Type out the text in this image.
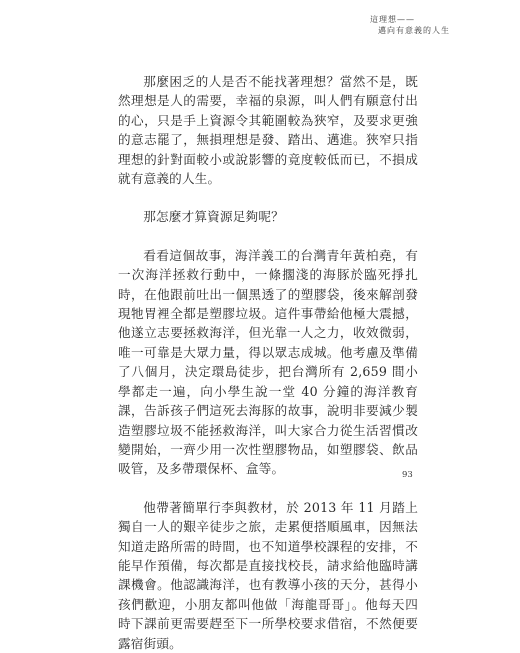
這理想——
邁向有意義的人生

那麼困乏的人是否不能找著理想？當然不是，既然理想是人的需要，幸福的泉源，叫人們有願意付出的心，只是手上資源令其範圍較為狹窄，及要求更強的意志罷了，無損理想是發、踏出、邁進。狹窄只指理想的針對面較小或說影響的竟度較低而已，不損成就有意義的人生。

那怎麼才算資源足夠呢？

看看這個故事，海洋義工的台灣青年黃柏堯，有一次海洋拯救行動中，一條擱淺的海豚於臨死掙扎時，在他跟前吐出一個黑透了的塑膠袋，後來解剖發現牠胃裡全都是塑膠垃圾。這件事帶給他極大震撼，他遂立志要拯救海洋，但光靠一人之力，收效微弱，唯一可靠是大眾力量，得以眾志成城。他考慮及準備了八個月，決定環島徒步，把台灣所有 2,659 間小學都走一遍，向小學生說一堂 40 分鐘的海洋教育課，告訴孩子們這死去海豚的故事，說明非要減少製造塑膠垃圾不能拯救海洋，叫大家合力從生活習慣改變開始，一齊少用一次性塑膠物品，如塑膠袋、飲品吸管，及多帶環保杯、盒等。

他帶著簡單行李與教材，於 2013 年 11 月踏上獨自一人的艱辛徒步之旅，走累便搭順風車，因無法知道走路所需的時間，也不知道學校課程的安排，不能早作預備，每次都是直接找校長，請求給他臨時講課機會。他認識海洋，也有教導小孩的天分，甚得小孩們歡迎，小朋友都叫他做「海龍哥哥」。他每天四時下課前更需要趕至下一所學校要求借宿，不然便要露宿街頭。

93
